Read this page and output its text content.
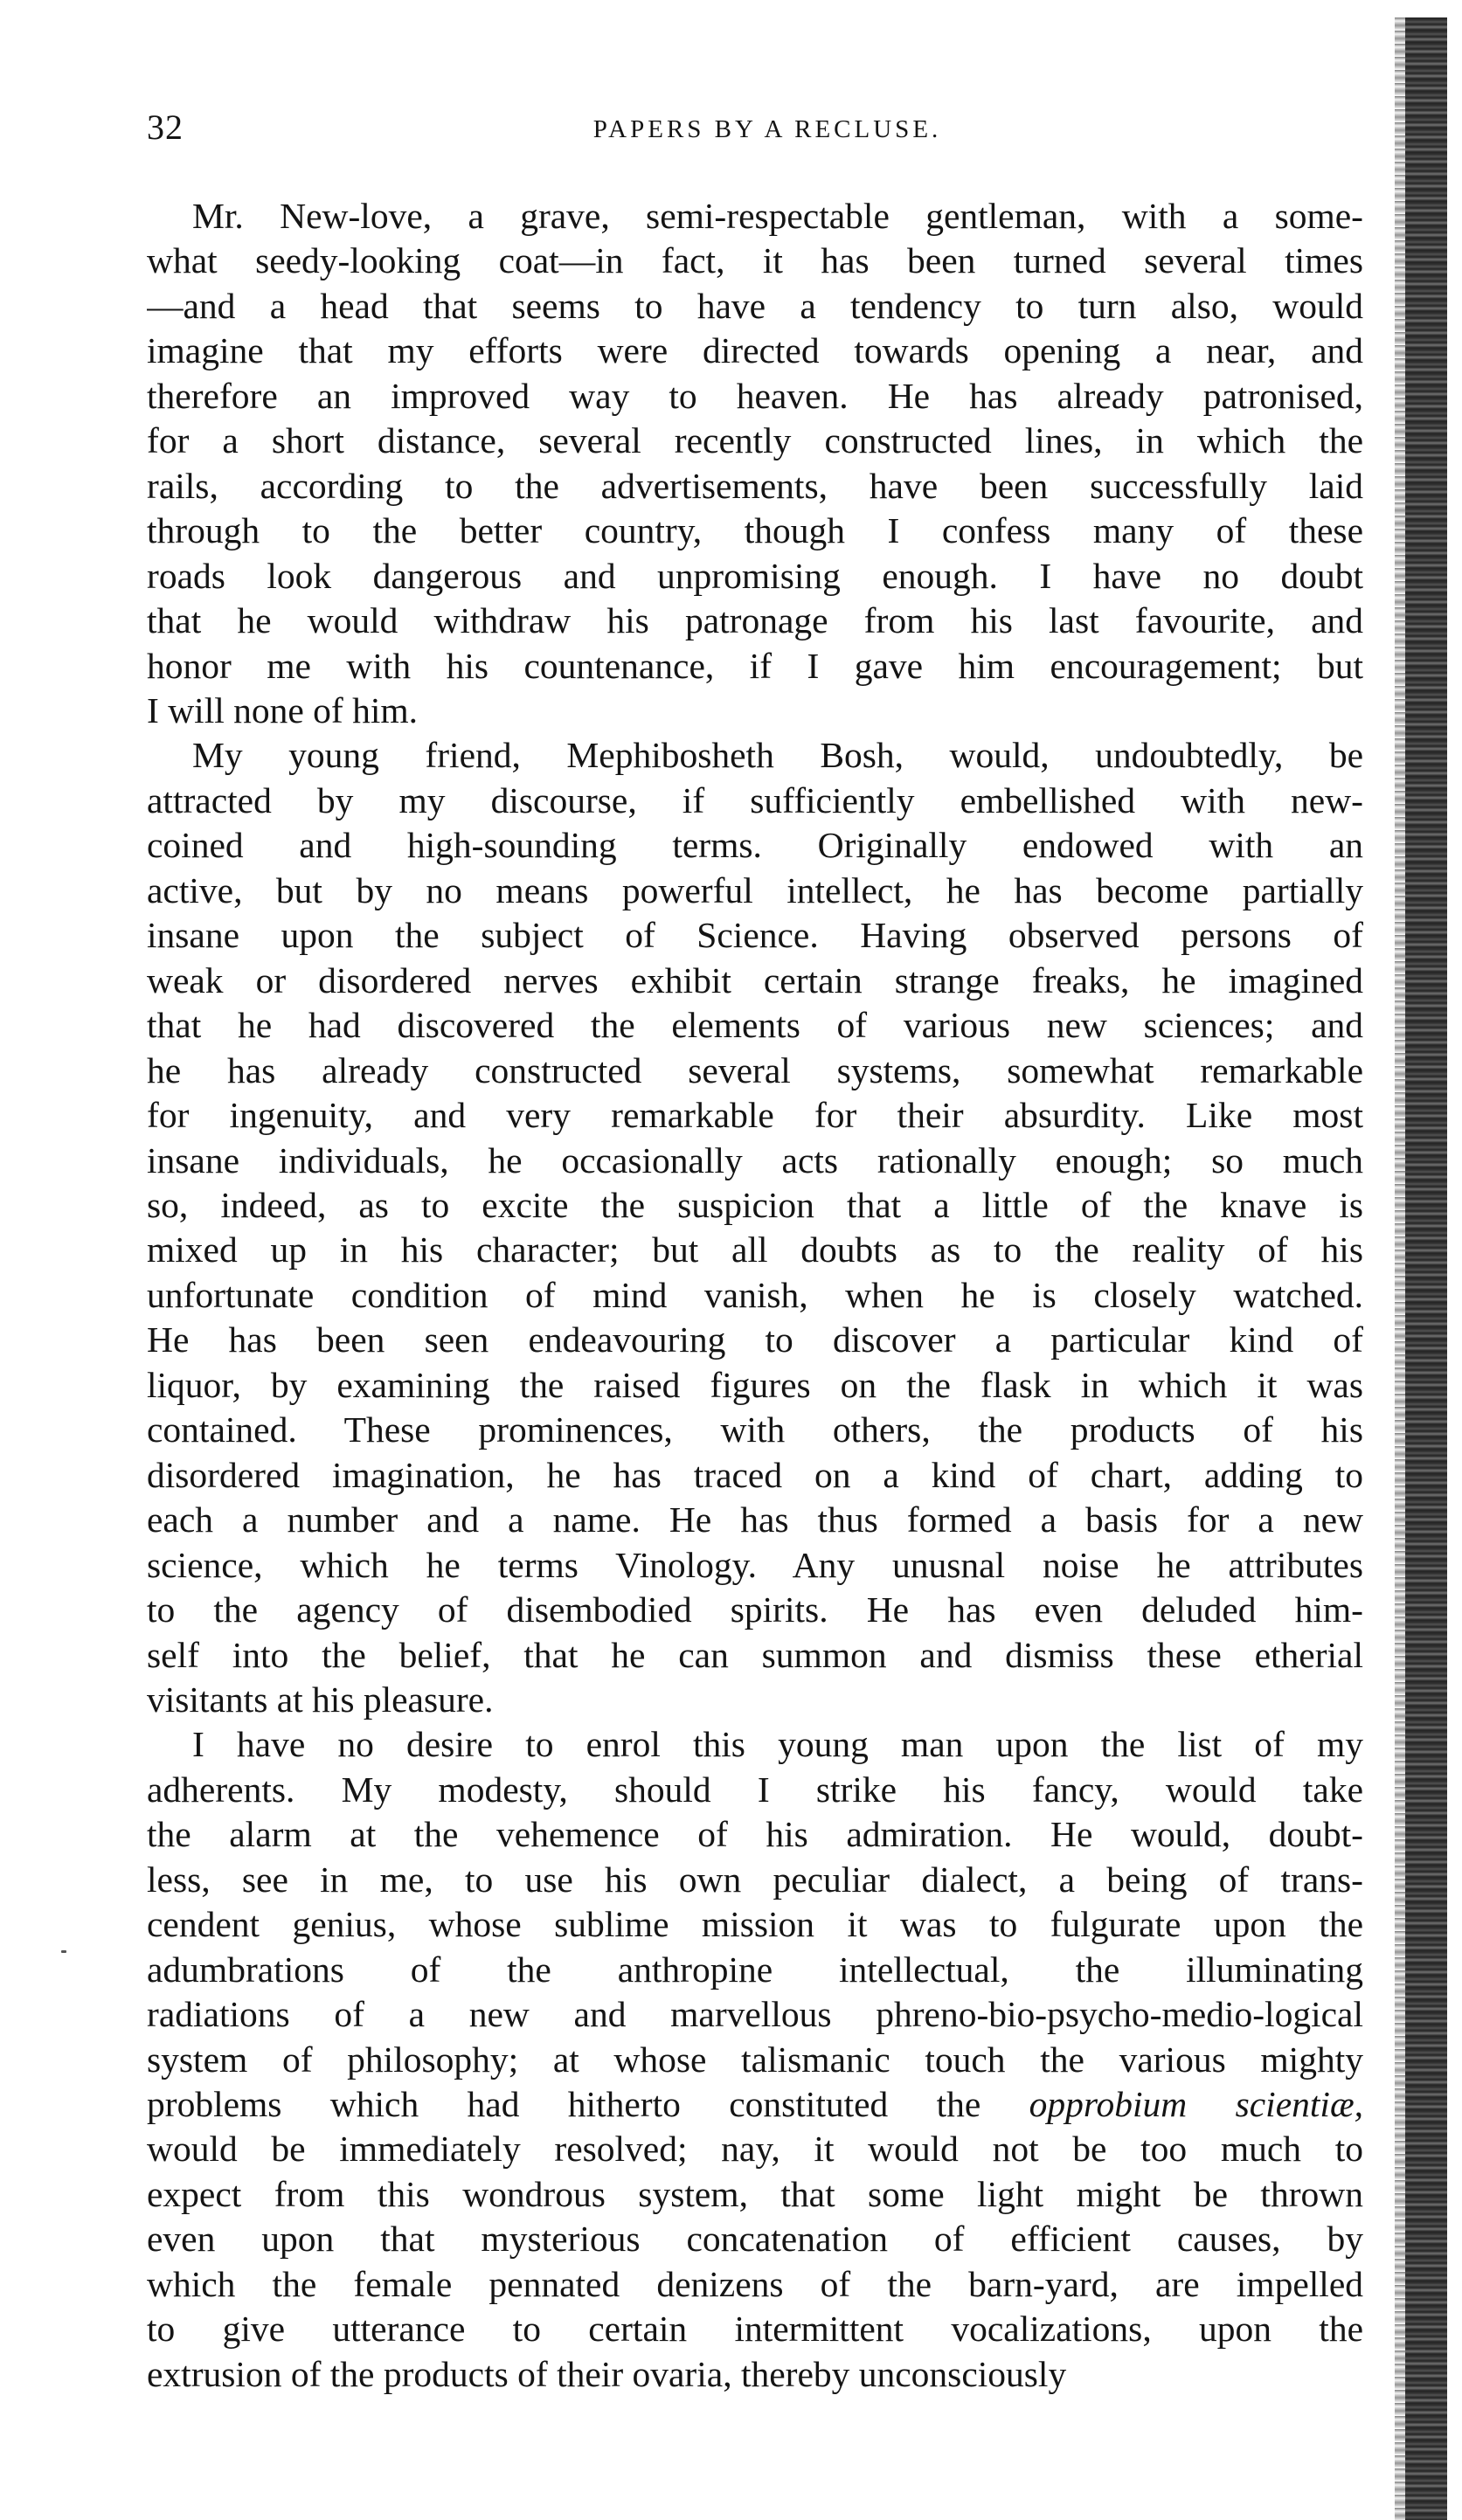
32	PAPERS BY A RECLUSE.

Mr. New-love, a grave, semi-respectable gentleman, with a some-
what seedy-looking coat—in fact, it has been turned several times
—and a head that seems to have a tendency to turn also, would
imagine that my efforts were directed towards opening a near, and
therefore an improved way to heaven. He has already patronised,
for a short distance, several recently constructed lines, in which the
rails, according to the advertisements, have been successfully laid
through to the better country, though I confess many of these
roads look dangerous and unpromising enough. I have no doubt
that he would withdraw his patronage from his last favourite, and
honor me with his countenance, if I gave him encouragement; but
I will none of him.

My young friend, Mephibosheth Bosh, would, undoubtedly, be
attracted by my discourse, if sufficiently embellished with new-
coined and high-sounding terms. Originally endowed with an
active, but by no means powerful intellect, he has become partially
insane upon the subject of Science. Having observed persons of
weak or disordered nerves exhibit certain strange freaks, he imagined
that he had discovered the elements of various new sciences; and
he has already constructed several systems, somewhat remarkable
for ingenuity, and very remarkable for their absurdity. Like most
insane individuals, he occasionally acts rationally enough; so much
so, indeed, as to excite the suspicion that a little of the knave is
mixed up in his character; but all doubts as to the reality of his
unfortunate condition of mind vanish, when he is closely watched.
He has been seen endeavouring to discover a particular kind of
liquor, by examining the raised figures on the flask in which it was
contained. These prominences, with others, the products of his
disordered imagination, he has traced on a kind of chart, adding to
each a number and a name. He has thus formed a basis for a new
science, which he terms Vinology. Any unusnal noise he attributes
to the agency of disembodied spirits. He has even deluded him-
self into the belief, that he can summon and dismiss these etherial
visitants at his pleasure.

I have no desire to enrol this young man upon the list of my
adherents. My modesty, should I strike his fancy, would take
the alarm at the vehemence of his admiration. He would, doubt-
less, see in me, to use his own peculiar dialect, a being of trans-
cendent genius, whose sublime mission it was to fulgurate upon the
adumbrations of the anthropine intellectual, the illuminating
radiations of a new and marvellous phreno-bio-psycho-medio-logical
system of philosophy; at whose talismanic touch the various mighty
problems which had hitherto constituted the opprobium scientiæ,
would be immediately resolved; nay, it would not be too much to
expect from this wondrous system, that some light might be thrown
even upon that mysterious concatenation of efficient causes, by
which the female pennated denizens of the barn-yard, are impelled
to give utterance to certain intermittent vocalizations, upon the
extrusion of the products of their ovaria, thereby unconsciously
